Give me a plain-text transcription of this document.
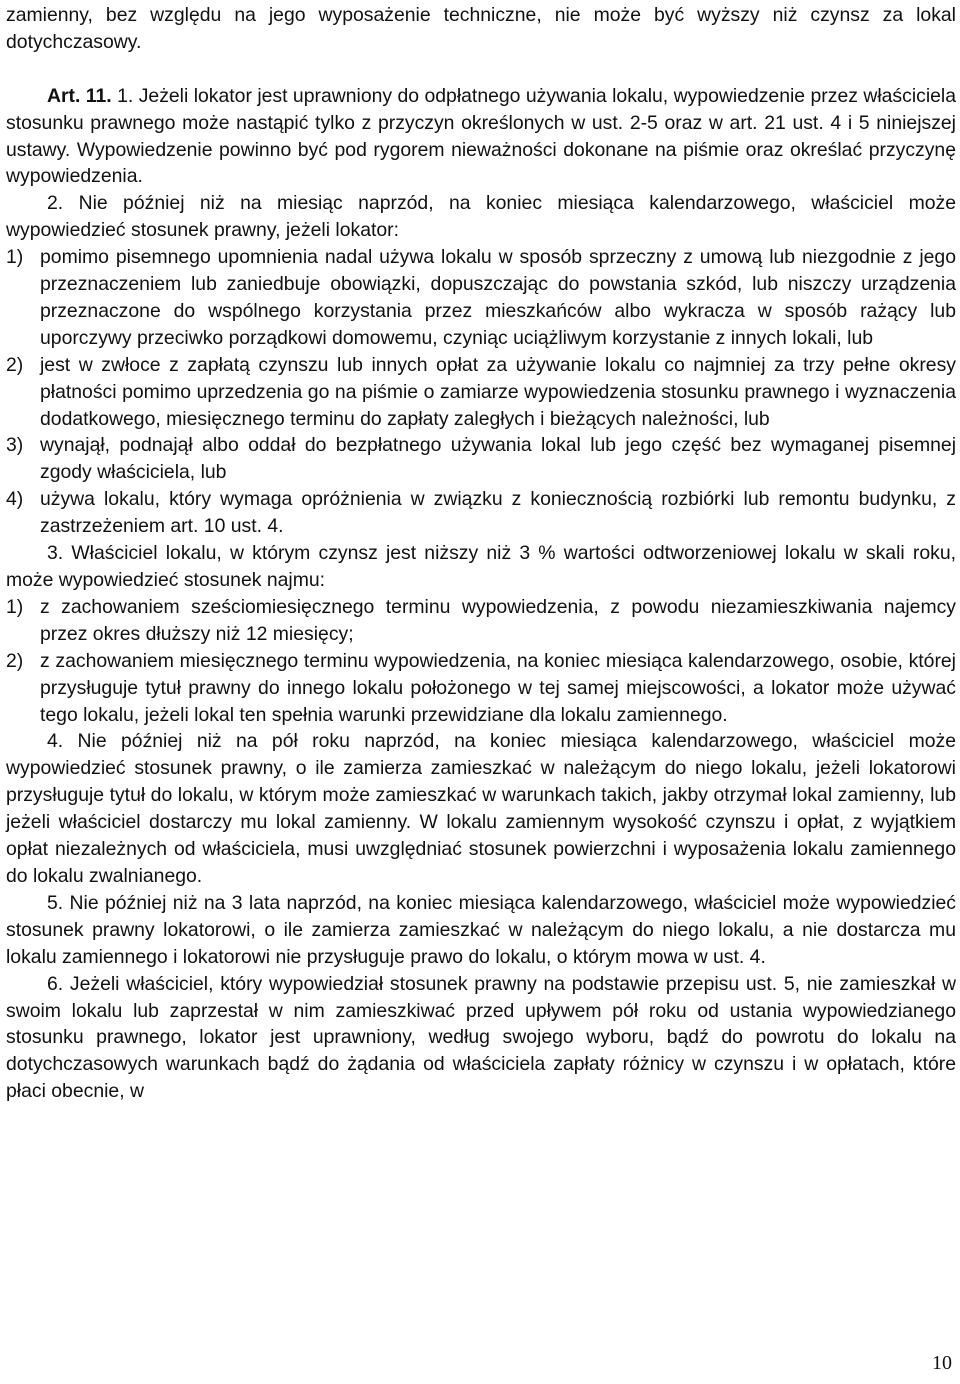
zamienny, bez względu na jego wyposażenie techniczne, nie może być wyższy niż czynsz za lokal dotychczasowy.

Art. 11. 1. Jeżeli lokator jest uprawniony do odpłatnego używania lokalu, wypowiedzenie przez właściciela stosunku prawnego może nastąpić tylko z przyczyn określonych w ust. 2-5 oraz w art. 21 ust. 4 i 5 niniejszej ustawy. Wypowiedzenie powinno być pod rygorem nieważności dokonane na piśmie oraz określać przyczynę wypowiedzenia.

2. Nie później niż na miesiąc naprzód, na koniec miesiąca kalendarzowego, właściciel może wypowiedzieć stosunek prawny, jeżeli lokator:

1) pomimo pisemnego upomnienia nadal używa lokalu w sposób sprzeczny z umową lub niezgodnie z jego przeznaczeniem lub zaniedbuje obowiązki, dopuszczając do powstania szkód, lub niszczy urządzenia przeznaczone do wspólnego korzystania przez mieszkańców albo wykracza w sposób rażący lub uporczywy przeciwko porządkowi domowemu, czyniąc uciążliwym korzystanie z innych lokali, lub
2) jest w zwłoce z zapłatą czynszu lub innych opłat za używanie lokalu co najmniej za trzy pełne okresy płatności pomimo uprzedzenia go na piśmie o zamiarze wypowiedzenia stosunku prawnego i wyznaczenia dodatkowego, miesięcznego terminu do zapłaty zaległych i bieżących należności, lub
3) wynajął, podnajął albo oddał do bezpłatnego używania lokal lub jego część bez wymaganej pisemnej zgody właściciela, lub
4) używa lokalu, który wymaga opróżnienia w związku z koniecznością rozbiórki lub remontu budynku, z zastrzeżeniem art. 10 ust. 4.

3. Właściciel lokalu, w którym czynsz jest niższy niż 3 % wartości odtworzeniowej lokalu w skali roku, może wypowiedzieć stosunek najmu:

1) z zachowaniem sześciomiesięcznego terminu wypowiedzenia, z powodu niezamieszkiwania najemcy przez okres dłuższy niż 12 miesięcy;
2) z zachowaniem miesięcznego terminu wypowiedzenia, na koniec miesiąca kalendarzowego, osobie, której przysługuje tytuł prawny do innego lokalu położonego w tej samej miejscowości, a lokator może używać tego lokalu, jeżeli lokal ten spełnia warunki przewidziane dla lokalu zamiennego.

4. Nie później niż na pół roku naprzód, na koniec miesiąca kalendarzowego, właściciel może wypowiedzieć stosunek prawny, o ile zamierza zamieszkać w należącym do niego lokalu, jeżeli lokatorowi przysługuje tytuł do lokalu, w którym może zamieszkać w warunkach takich, jakby otrzymał lokal zamienny, lub jeżeli właściciel dostarczy mu lokal zamienny. W lokalu zamiennym wysokość czynszu i opłat, z wyjątkiem opłat niezależnych od właściciela, musi uwzględniać stosunek powierzchni i wyposażenia lokalu zamiennego do lokalu zwalnianego.

5. Nie później niż na 3 lata naprzód, na koniec miesiąca kalendarzowego, właściciel może wypowiedzieć stosunek prawny lokatorowi, o ile zamierza zamieszkać w należącym do niego lokalu, a nie dostarcza mu lokalu zamiennego i lokatorowi nie przysługuje prawo do lokalu, o którym mowa w ust. 4.

6. Jeżeli właściciel, który wypowiedział stosunek prawny na podstawie przepisu ust. 5, nie zamieszkał w swoim lokalu lub zaprzestał w nim zamieszkiwać przed upływem pół roku od ustania wypowiedzianego stosunku prawnego, lokator jest uprawniony, według swojego wyboru, bądź do powrotu do lokalu na dotychczasowych warunkach bądź do żądania od właściciela zapłaty różnicy w czynszu i w opłatach, które płaci obecnie, w

10
